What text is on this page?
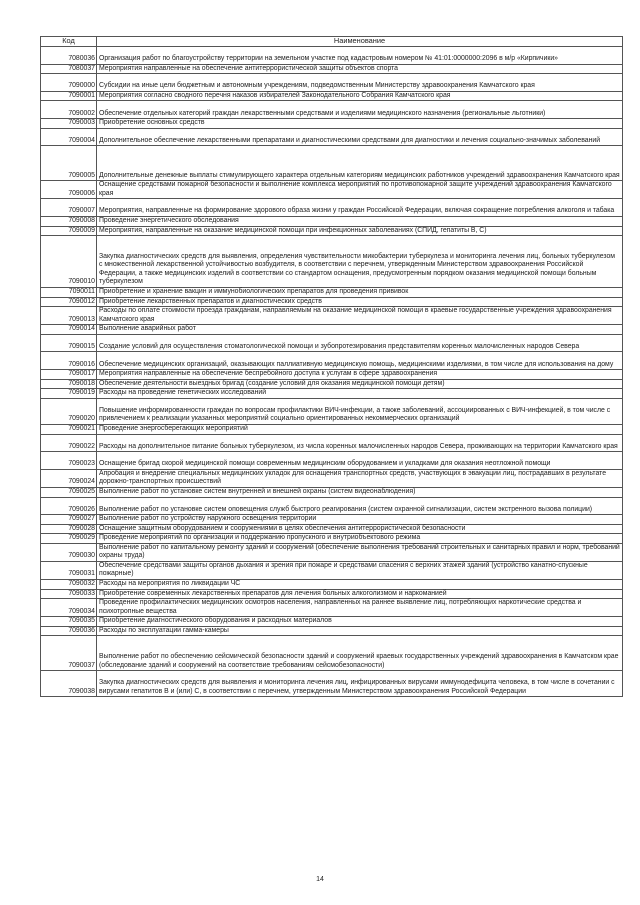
Код	Наименование
7080036	Организация работ по благоустройству территории на земельном участке под кадастровым номером № 41:01:0000000:2096 в м/р «Кирпичики»
7080037	Мероприятия направленные на обеспечение антитеррористической защиты объектов спорта
7090000	Субсидии на иные цели бюджетным и автономным учреждениям, подведомственным Министерству здравоохранения Камчатского края
7090001	Мероприятия согласно сводного перечня наказов избирателей Законодательного Собрания Камчатского края
7090002	Обеспечение отдельных категорий граждан лекарственными средствами и изделиями медицинского назначения (региональные льготники)
7090003	Приобретение основных средств
7090004	Дополнительное обеспечение лекарственными препаратами и диагностическими средствами для диагностики и лечения социально-значимых заболеваний
7090005	Дополнительные денежные выплаты стимулирующего характера отдельным категориям медицинских работников учреждений здравоохранения Камчатского края
7090006	Оснащение средствами пожарной безопасности и выполнение комплекса мероприятий по противопожарной защите учреждений здравоохранения Камчатского края
7090007	Мероприятия, направленные на формирование здорового образа жизни у граждан Российской Федерации, включая сокращение потребления алкоголя и табака
7090008	Проведение энергетического обследования
7090009	Мероприятия, направленные на оказание медицинской помощи при инфекционных заболеваниях (СПИД, гепатиты В, С)
7090010	Закупка диагностических средств для выявления, определения чувствительности микобактерии туберкулеза и мониторинга лечения лиц, больных туберкулезом с множественной лекарственной устойчивостью возбудителя, в соответствии с перечнем, утвержденным Министерством здравоохранения Российской Федерации, а также медицинских изделий в соответствии со стандартом оснащения, предусмотренным порядком оказания медицинской помощи больным туберкулезом
7090011	Приобретение и хранение вакцин и иммунобиологических препаратов для проведения прививок
7090012	Приобретение лекарственных препаратов и диагностических средств
7090013	Расходы по оплате стоимости проезда гражданам, направляемым на оказание медицинской помощи в краевые государственные учреждения здравоохранения Камчатского края
7090014	Выполнение аварийных работ
7090015	Создание условий для осуществления стоматологической помощи и зубопротезирования представителям коренных малочисленных народов Севера
7090016	Обеспечение медицинских организаций, оказывающих паллиативную медицинскую помощь, медицинскими изделиями, в том числе для использования на дому
7090017	Мероприятия направленные на обеспечение беспребойного доступа к услугам в сфере здравоохранения
7090018	Обеспечение деятельности выездных бригад (создание условий для оказания медицинской помощи детям)
7090019	Расходы на проведение генетических исследований
7090020	Повышение информированности граждан по вопросам профилактики ВИЧ-инфекции, а также заболеваний, ассоциированных с ВИЧ-инфекцией, в том числе с привлечением к реализации указанных мероприятий социально ориентированных некоммерческих организаций
7090021	Проведение энергосберегающих мероприятий
7090022	Расходы на дополнительное питание больных туберкулезом, из числа коренных малочисленных народов Севера, проживающих на территории Камчатского края
7090023	Оснащение бригад скорой медицинской помощи современным медицинским оборудованием и укладками для оказания неотложной помощи
7090024	Апробация и внедрение специальных медицинских укладок для оснащения транспортных средств, участвующих в эвакуации лиц, пострадавших в результате дорожно-транспортных происшествий
7090025	Выполнение работ по установке систем внутренней и внешней охраны (систем видеонаблюдения)
7090026	Выполнение работ по установке систем оповещения служб быстрого реагирования (систем охранной сигнализации, систем экстренного вызова полиции)
7090027	Выполнение работ по устройству наружного освещения территории
7090028	Оснащение защитным оборудованием и сооружениями в целях обеспечения антитеррористической безопасности
7090029	Проведение мероприятий по организации и поддержанию пропускного и внутриобъектового режима
7090030	Выполнение работ по капитальному ремонту зданий и сооружений (обеспечение выполнения требований строительных и санитарных правил и норм, требований охраны труда)
7090031	Обеспечение средствами защиты органов дыхания и зрения при пожаре и средствами спасения с верхних этажей зданий (устройство канатно-спускные пожарные)
7090032	Расходы на мероприятия по ликвидации ЧС
7090033	Приобретение современных лекарственных препаратов для лечения больных алкоголизмом и наркоманией
7090034	Проведение профилактических медицинских осмотров населения, направленных на раннее выявление лиц, потребляющих наркотические средства и психотропные вещества
7090035	Приобретение диагностического оборудования и расходных материалов
7090036	Расходы по эксплуатации гамма-камеры
7090037	Выполнение работ по обеспечению сейсмической безопасности зданий и сооружений краевых государственных учреждений здравоохранения в Камчатском крае (обследование зданий и сооружений на соответствие требованиям сейсмобезопасности)
7090038	Закупка диагностических средств для выявления и мониторинга лечения лиц, инфицированных вирусами иммунодефицита человека, в том числе в сочетании с вирусами гепатитов В и (или) С, в соответствии с перечнем, утвержденным Министерством здравоохранения Российской Федерации
14
